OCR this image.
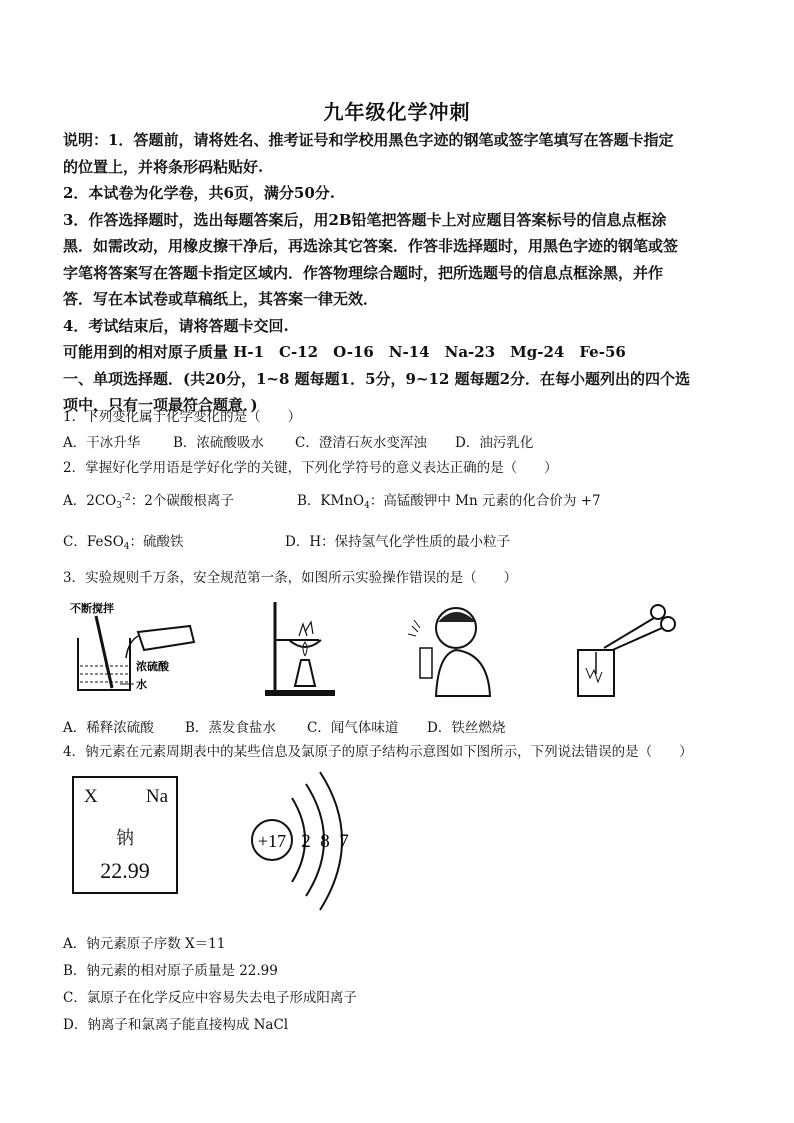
九年级化学冲刺

说明：1．答题前，请将姓名、推考证号和学校用黑色字迹的钢笔或签字笔填写在答题卡指定

的位置上，并将条形码粘贴好.

2．本试卷为化学卷，共6页，满分50分.

3．作答选择题时，选出每题答案后，用2B铅笔把答题卡上对应题目答案标号的信息点框涂

黑．如需改动，用橡皮擦干净后，再选涂其它答案．作答非选择题时，用黑色字迹的钢笔或签

字笔将答案写在答题卡指定区域内．作答物理综合题时，把所选题号的信息点框涂黑，并作

答．写在本试卷或草稿纸上，其答案一律无效．

4．考试结束后，请将答题卡交回.

可能用到的相对原子质量 H-1　C-12　O-16　N-14　Na-23　Mg-24　Fe-56

一、单项选择题．(共20分，1~8 题每题1．5分，9~12 题每题2分．在每小题列出的四个选

项中，只有一项最符合题意．)

1．下列变化属于化学变化的是（　　）

A．干冰升华 B．浓硫酸吸水 C．澄清石灰水变浑浊 D．油污乳化

2．掌握好化学用语是学好化学的关键，下列化学符号的意义表达正确的是（　　）

A．$2CO_3^{-2}$：2个碳酸根离子	B．KMnO$_4$：高锰酸钾中 Mn 元素的化合价为 +7
C．FeSO$_4$：硫酸铁	D．H：保持氢气化学性质的最小粒子

3．实验规则千万条，安全规范第一条，如图所示实验操作错误的是（　　）

不断搅拌
浓硫酸
水
A．稀释浓硫酸 B．蒸发食盐水 C．闻气体味道 D．铁丝燃烧

4．钠元素在元素周期表中的某些信息及氯原子的原子结构示意图如下图所示，下列说法错误的是（　　）

X	Na
钠
22.99
+17 2 8 7

A．钠元素原子序数 X＝11

B．钠元素的相对原子质量是 22.99

C．氯原子在化学反应中容易失去电子形成阳离子

D．钠离子和氯离子能直接构成 NaCl
